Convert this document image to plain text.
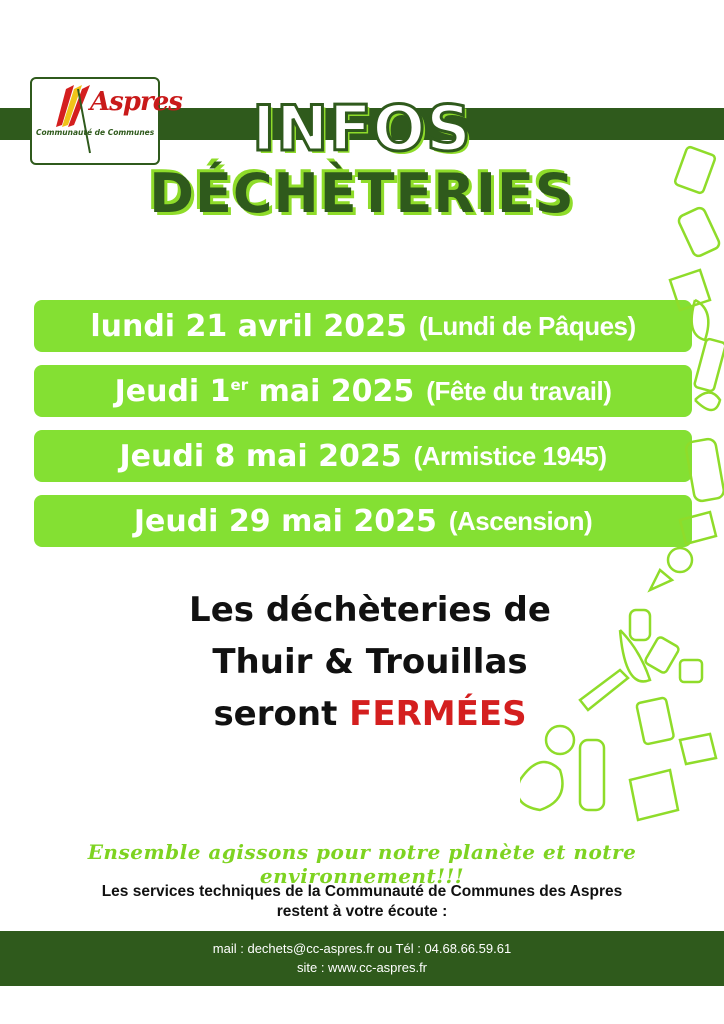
Aspres
Communauté de Communes	INFOS
DÉCHÈTERIES
lundi 21 avril 2025 (Lundi de Pâques)
Jeudi 1er mai 2025 (Fête du travail)
Jeudi 8 mai 2025 (Armistice 1945)
Jeudi 29 mai 2025 (Ascension)
Les déchèteries de
Thuir & Trouillas
seront FERMÉES
Ensemble agissons pour notre planète et notre environnement!!!
Les services techniques de la Communauté de Communes des Aspres
restent à votre écoute :
mail : dechets@cc-aspres.fr ou Tél : 04.68.66.59.61
site : www.cc-aspres.fr
